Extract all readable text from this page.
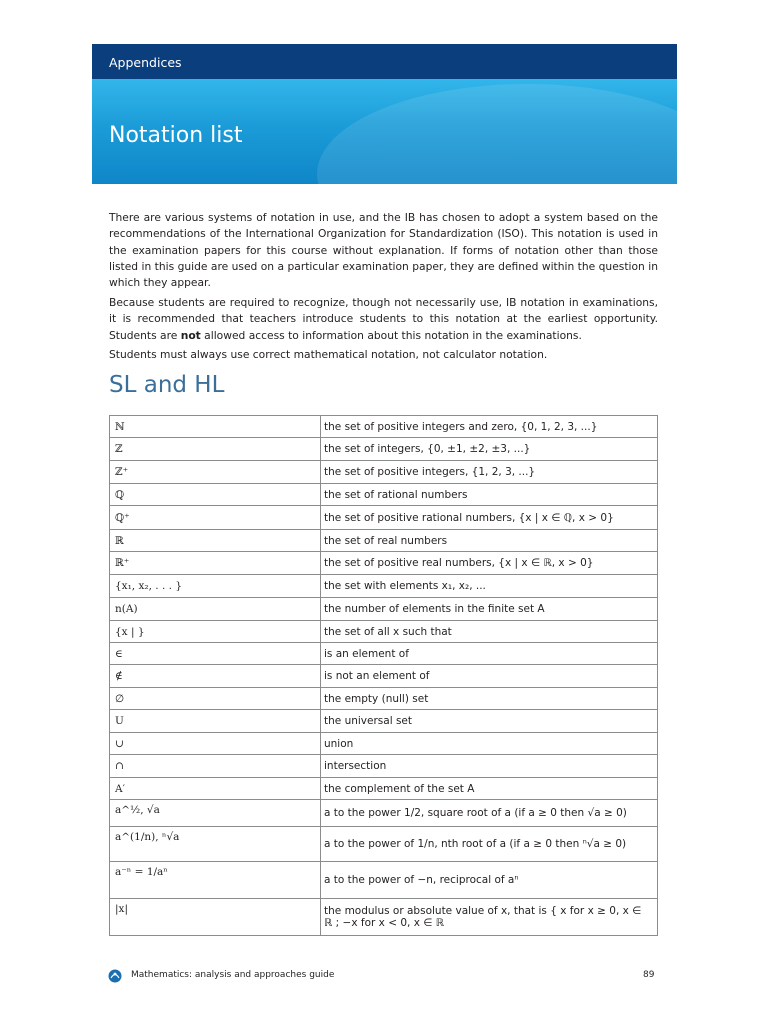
Appendices
Notation list

There are various systems of notation in use, and the IB has chosen to adopt a system based on the recommendations of the International Organization for Standardization (ISO). This notation is used in the examination papers for this course without explanation. If forms of notation other than those listed in this guide are used on a particular examination paper, they are defined within the question in which they appear.

Because students are required to recognize, though not necessarily use, IB notation in examinations, it is recommended that teachers introduce students to this notation at the earliest opportunity. Students are not allowed access to information about this notation in the examinations.

Students must always use correct mathematical notation, not calculator notation.

SL and HL
ℕ	the set of positive integers and zero, {0, 1, 2, 3, ...}
ℤ	the set of integers, {0, ±1, ±2, ±3, ...}
ℤ⁺	the set of positive integers, {1, 2, 3, ...}
ℚ	the set of rational numbers
ℚ⁺	the set of positive rational numbers, {x | x ∈ ℚ, x > 0}
ℝ	the set of real numbers
ℝ⁺	the set of positive real numbers, {x | x ∈ ℝ, x > 0}
{x₁, x₂, . . . }	the set with elements x₁, x₂, ...
n(A)	the number of elements in the finite set A
{x | }	the set of all x such that
∈	is an element of
∉	is not an element of
∅	the empty (null) set
U	the universal set
∪	union
∩	intersection
A′	the complement of the set A
a^½, √a	a to the power 1/2, square root of a (if a ≥ 0 then √a ≥ 0)
a^(1/n), ⁿ√a	a to the power of 1/n, nth root of a (if a ≥ 0 then ⁿ√a ≥ 0)
a⁻ⁿ = 1/aⁿ	a to the power of −n, reciprocal of aⁿ
|x|	the modulus or absolute value of x, that is { x for x ≥ 0, x ∈ ℝ ; −x for x < 0, x ∈ ℝ
Mathematics: analysis and approaches guide	89
